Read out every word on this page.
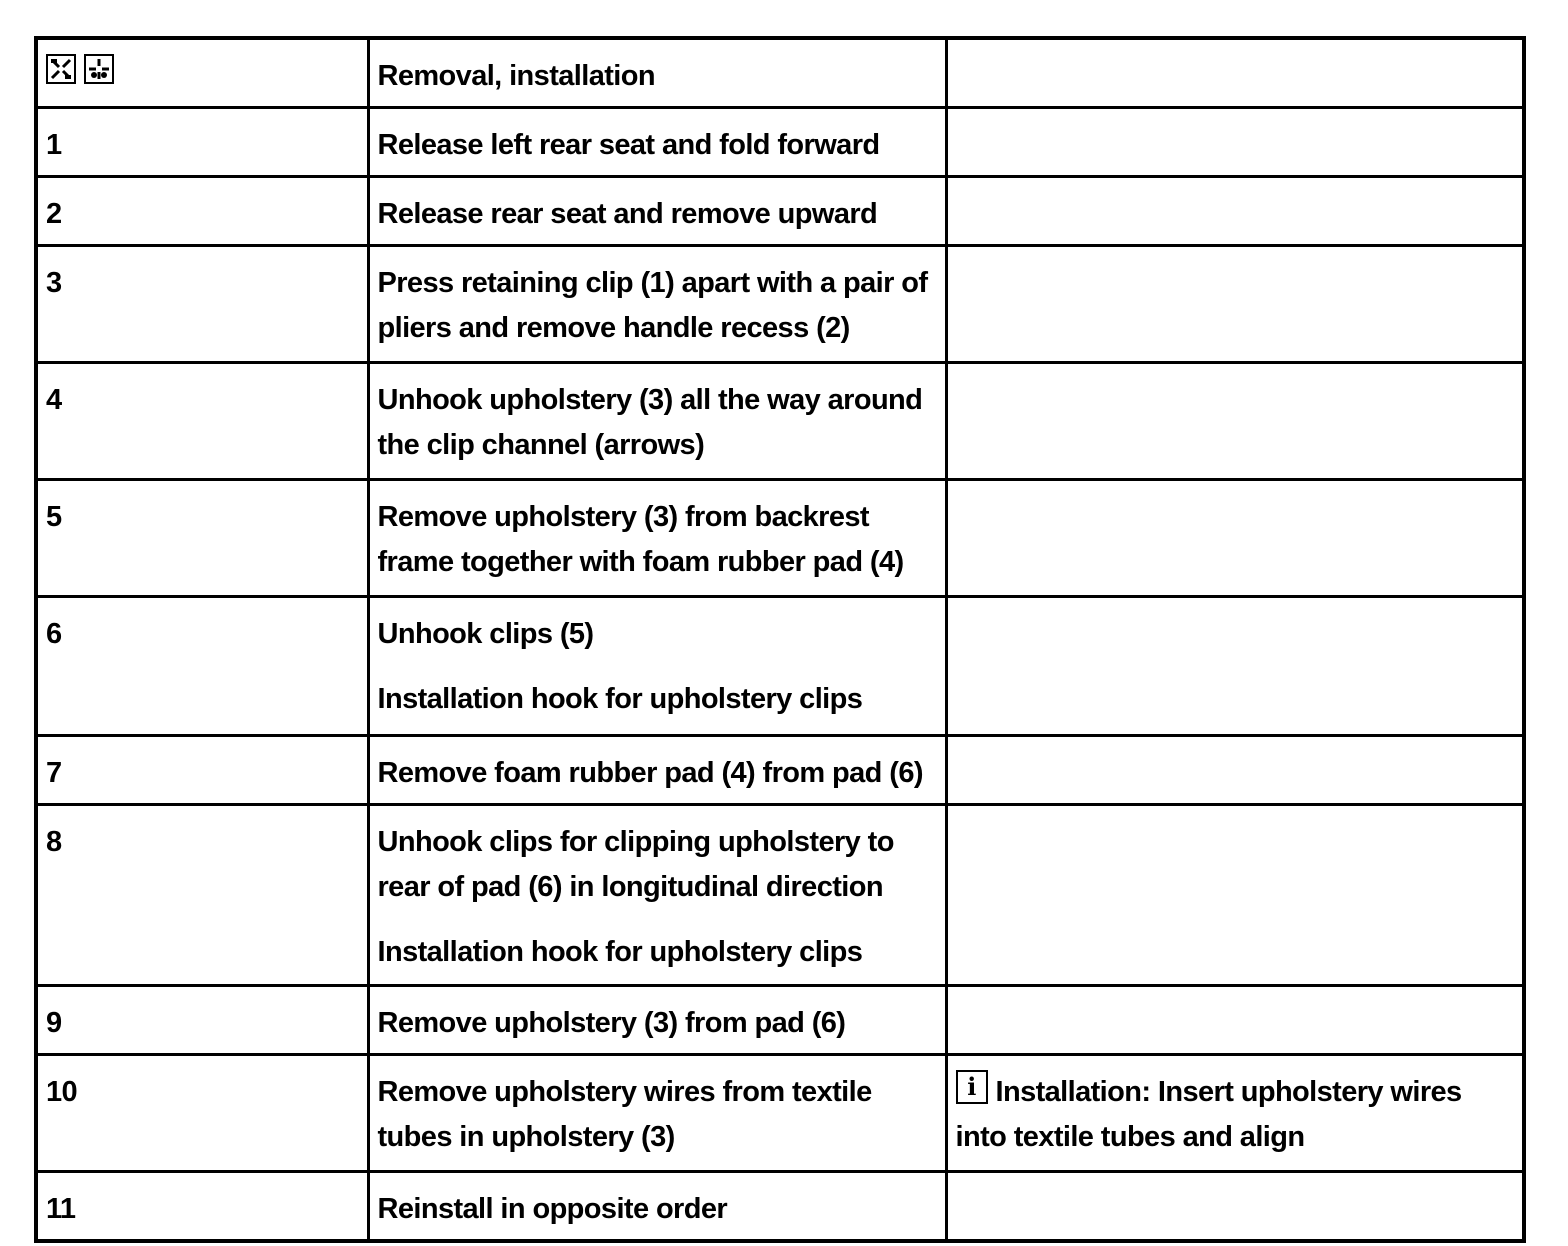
	Removal, installation	
1	Release left rear seat and fold forward	
2	Release rear seat and remove upward	
3	Press retaining clip (1) apart with a pair of pliers and remove handle recess (2)	
4	Unhook upholstery (3) all the way around the clip channel (arrows)	
5	Remove upholstery (3) from backrest frame together with foam rubber pad (4)	
6	Unhook clips (5)
Installation hook for upholstery clips	

7	Remove foam rubber pad (4) from pad (6)	
8	Unhook clips for clipping upholstery to rear of pad (6) in longitudinal direction
Installation hook for upholstery clips	

9	Remove upholstery (3) from pad (6)	
10	Remove upholstery wires from textile tubes in upholstery (3)	i Installation: Insert upholstery wires into textile tubes and align
11	Reinstall in opposite order	
